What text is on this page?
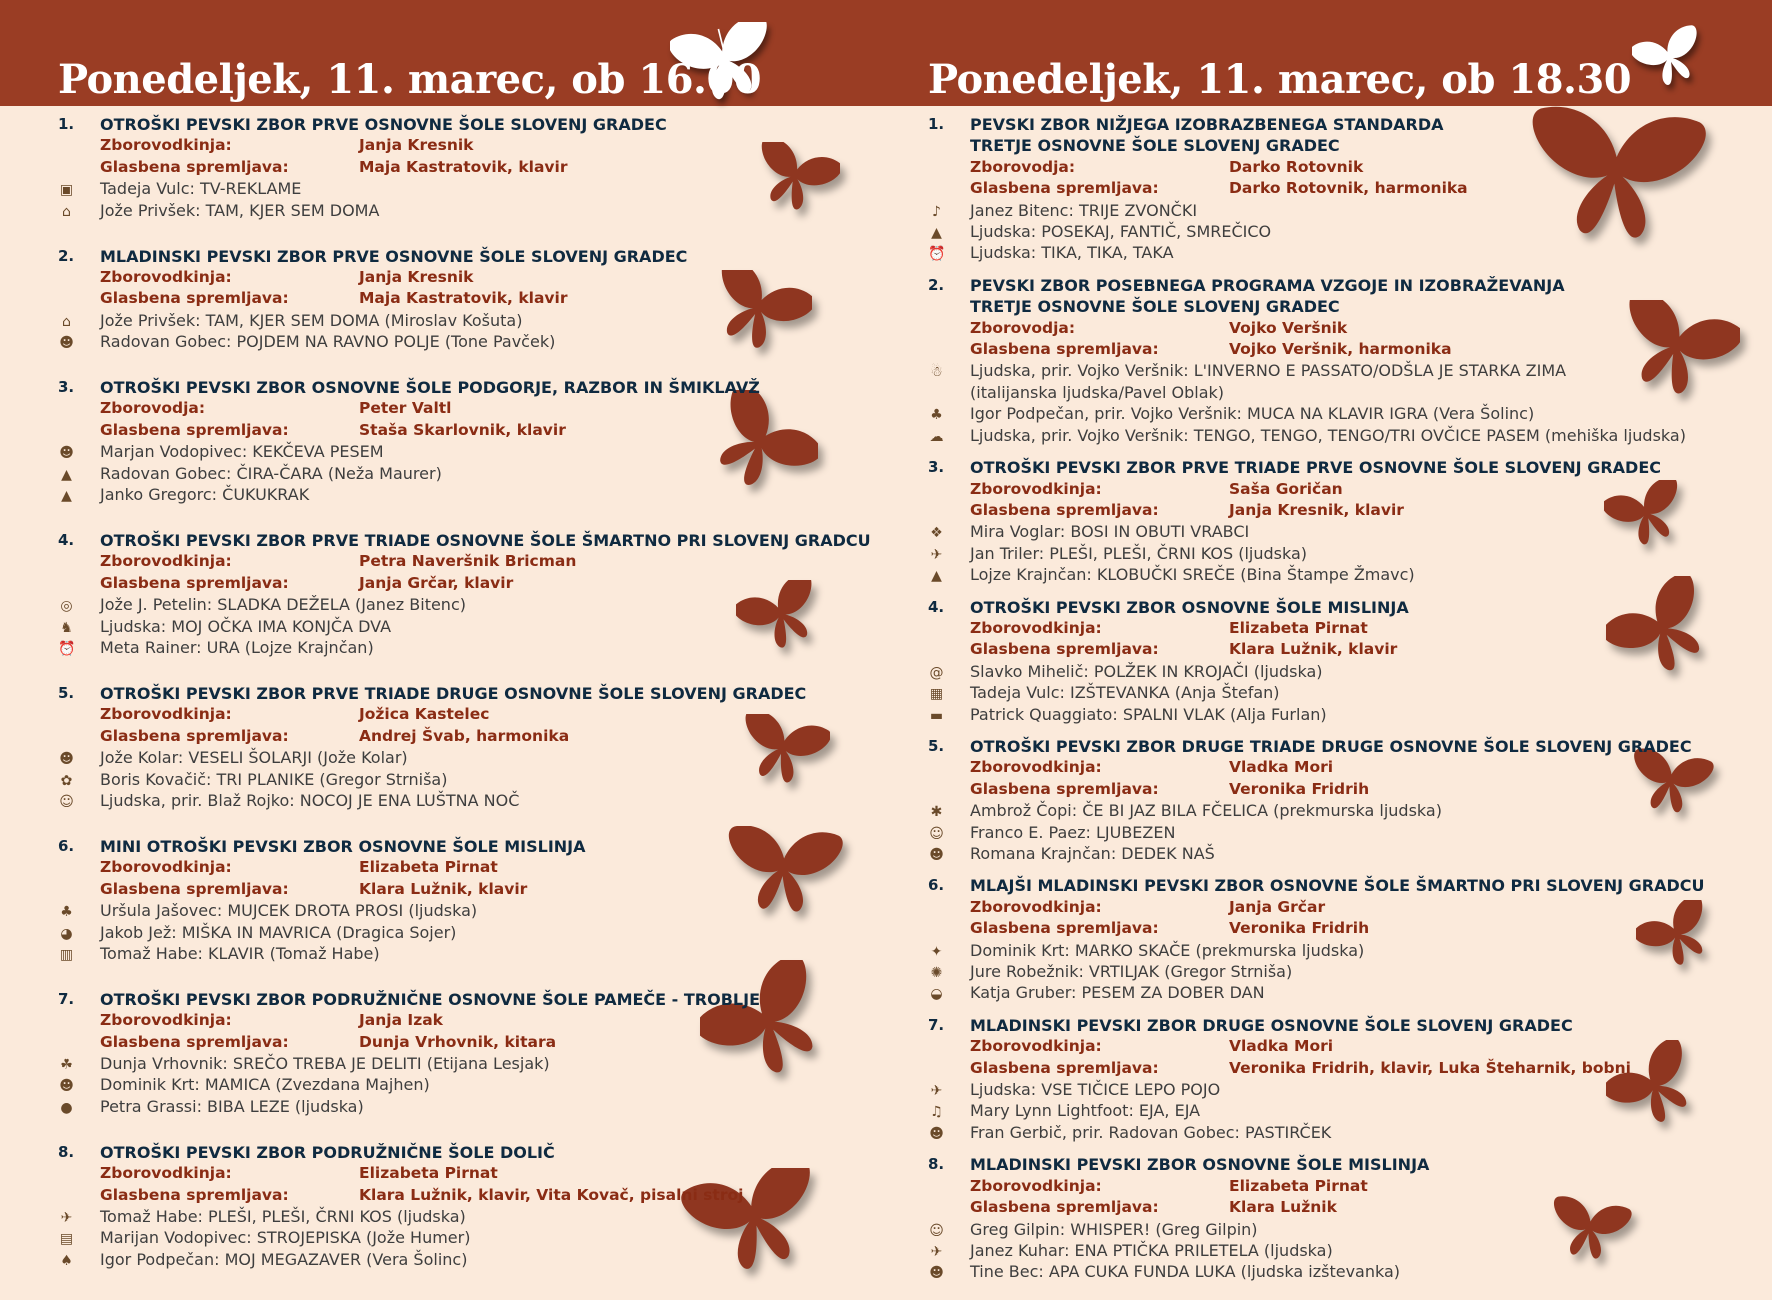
Ponedeljek, 11. marec, ob 16.00
1. OTROŠKI PEVSKI ZBOR PRVE OSNOVNE ŠOLE SLOVENJ GRADEC
Zborovodkinja:	Janja Kresnik
Glasbena spremljava:	Maja Kastratovik, klavir
▣ Tadeja Vulc: TV-REKLAME
⌂ Jože Privšek: TAM, KJER SEM DOMA
2. MLADINSKI PEVSKI ZBOR PRVE OSNOVNE ŠOLE SLOVENJ GRADEC
Zborovodkinja:	Janja Kresnik
Glasbena spremljava:	Maja Kastratovik, klavir
⌂ Jože Privšek: TAM, KJER SEM DOMA (Miroslav Košuta)
☻ Radovan Gobec: POJDEM NA RAVNO POLJE (Tone Pavček)
3. OTROŠKI PEVSKI ZBOR OSNOVNE ŠOLE PODGORJE, RAZBOR IN ŠMIKLAVŽ
Zborovodja:	Peter Valtl
Glasbena spremljava:	Staša Skarlovnik, klavir
☻ Marjan Vodopivec: KEKČEVA PESEM
▲ Radovan Gobec: ČIRA-ČARA (Neža Maurer)
▲ Janko Gregorc: ČUKUKRAK
4. OTROŠKI PEVSKI ZBOR PRVE TRIADE OSNOVNE ŠOLE ŠMARTNO PRI SLOVENJ GRADCU
Zborovodkinja:	Petra Naveršnik Bricman
Glasbena spremljava:	Janja Grčar, klavir
◎ Jože J. Petelin: SLADKA DEŽELA (Janez Bitenc)
♞ Ljudska: MOJ OČKA IMA KONJČA DVA
⏰ Meta Rainer: URA (Lojze Krajnčan)
5. OTROŠKI PEVSKI ZBOR PRVE TRIADE DRUGE OSNOVNE ŠOLE SLOVENJ GRADEC
Zborovodkinja:	Jožica Kastelec
Glasbena spremljava:	Andrej Švab, harmonika
☻ Jože Kolar: VESELI ŠOLARJI (Jože Kolar)
✿ Boris Kovačič: TRI PLANIKE (Gregor Strniša)
☺ Ljudska, prir. Blaž Rojko: NOCOJ JE ENA LUŠTNA NOČ
6. MINI OTROŠKI PEVSKI ZBOR OSNOVNE ŠOLE MISLINJA
Zborovodkinja:	Elizabeta Pirnat
Glasbena spremljava:	Klara Lužnik, klavir
♣ Uršula Jašovec: MUJCEK DROTA PROSI (ljudska)
◕ Jakob Jež: MIŠKA IN MAVRICA (Dragica Sojer)
▥ Tomaž Habe: KLAVIR (Tomaž Habe)
7. OTROŠKI PEVSKI ZBOR PODRUŽNIČNE OSNOVNE ŠOLE PAMEČE - TROBLJE
Zborovodkinja:	Janja Izak
Glasbena spremljava:	Dunja Vrhovnik, kitara
☘ Dunja Vrhovnik: SREČO TREBA JE DELITI (Etijana Lesjak)
☻ Dominik Krt: MAMICA (Zvezdana Majhen)
● Petra Grassi: BIBA LEZE (ljudska)
8. OTROŠKI PEVSKI ZBOR PODRUŽNIČNE ŠOLE DOLIČ
Zborovodkinja:	Elizabeta Pirnat
Glasbena spremljava:	Klara Lužnik, klavir, Vita Kovač, pisalni stroj
✈ Tomaž Habe: PLEŠI, PLEŠI, ČRNI KOS (ljudska)
▤ Marijan Vodopivec: STROJEPISKA (Jože Humer)
♠ Igor Podpečan: MOJ MEGAZAVER (Vera Šolinc)
Ponedeljek, 11. marec, ob 18.30
1. PEVSKI ZBOR NIŽJEGA IZOBRAZBENEGA STANDARDA
TRETJE OSNOVNE ŠOLE SLOVENJ GRADEC
Zborovodja:	Darko Rotovnik
Glasbena spremljava:	Darko Rotovnik, harmonika
♪ Janez Bitenc: TRIJE ZVONČKI
▲ Ljudska: POSEKAJ, FANTIČ, SMREČICO
⏰ Ljudska: TIKA, TIKA, TAKA
2. PEVSKI ZBOR POSEBNEGA PROGRAMA VZGOJE IN IZOBRAŽEVANJA
TRETJE OSNOVNE ŠOLE SLOVENJ GRADEC
Zborovodja:	Vojko Veršnik
Glasbena spremljava:	Vojko Veršnik, harmonika
☃ Ljudska, prir. Vojko Veršnik: L'INVERNO E PASSATO/ODŠLA JE STARKA ZIMA
(italijanska ljudska/Pavel Oblak)
♣ Igor Podpečan, prir. Vojko Veršnik: MUCA NA KLAVIR IGRA (Vera Šolinc)
☁ Ljudska, prir. Vojko Veršnik: TENGO, TENGO, TENGO/TRI OVČICE PASEM (mehiška ljudska)
3. OTROŠKI PEVSKI ZBOR PRVE TRIADE PRVE OSNOVNE ŠOLE SLOVENJ GRADEC
Zborovodkinja:	Saša Goričan
Glasbena spremljava:	Janja Kresnik, klavir
❖ Mira Voglar: BOSI IN OBUTI VRABCI
✈ Jan Triler: PLEŠI, PLEŠI, ČRNI KOS (ljudska)
▲ Lojze Krajnčan: KLOBUČKI SREČE (Bina Štampe Žmavc)
4. OTROŠKI PEVSKI ZBOR OSNOVNE ŠOLE MISLINJA
Zborovodkinja:	Elizabeta Pirnat
Glasbena spremljava:	Klara Lužnik, klavir
@ Slavko Mihelič: POLŽEK IN KROJAČI (ljudska)
▦ Tadeja Vulc: IZŠTEVANKA (Anja Štefan)
▬ Patrick Quaggiato: SPALNI VLAK (Alja Furlan)
5. OTROŠKI PEVSKI ZBOR DRUGE TRIADE DRUGE OSNOVNE ŠOLE SLOVENJ GRADEC
Zborovodkinja:	Vladka Mori
Glasbena spremljava:	Veronika Fridrih
✱ Ambrož Čopi: ČE BI JAZ BILA FČELICA (prekmurska ljudska)
☺ Franco E. Paez: LJUBEZEN
☻ Romana Krajnčan: DEDEK NAŠ
6. MLAJŠI MLADINSKI PEVSKI ZBOR OSNOVNE ŠOLE ŠMARTNO PRI SLOVENJ GRADCU
Zborovodkinja:	Janja Grčar
Glasbena spremljava:	Veronika Fridrih
✦ Dominik Krt: MARKO SKAČE (prekmurska ljudska)
✺ Jure Robežnik: VRTILJAK (Gregor Strniša)
◒ Katja Gruber: PESEM ZA DOBER DAN
7. MLADINSKI PEVSKI ZBOR DRUGE OSNOVNE ŠOLE SLOVENJ GRADEC
Zborovodkinja:	Vladka Mori
Glasbena spremljava:	Veronika Fridrih, klavir, Luka Šteharnik, bobni
✈ Ljudska: VSE TIČICE LEPO POJO
♫ Mary Lynn Lightfoot: EJA, EJA
☻ Fran Gerbič, prir. Radovan Gobec: PASTIRČEK
8. MLADINSKI PEVSKI ZBOR OSNOVNE ŠOLE MISLINJA
Zborovodkinja:	Elizabeta Pirnat
Glasbena spremljava:	Klara Lužnik
☺ Greg Gilpin: WHISPER! (Greg Gilpin)
✈ Janez Kuhar: ENA PTIČKA PRILETELA (ljudska)
☻ Tine Bec: APA CUKA FUNDA LUKA (ljudska izštevanka)
